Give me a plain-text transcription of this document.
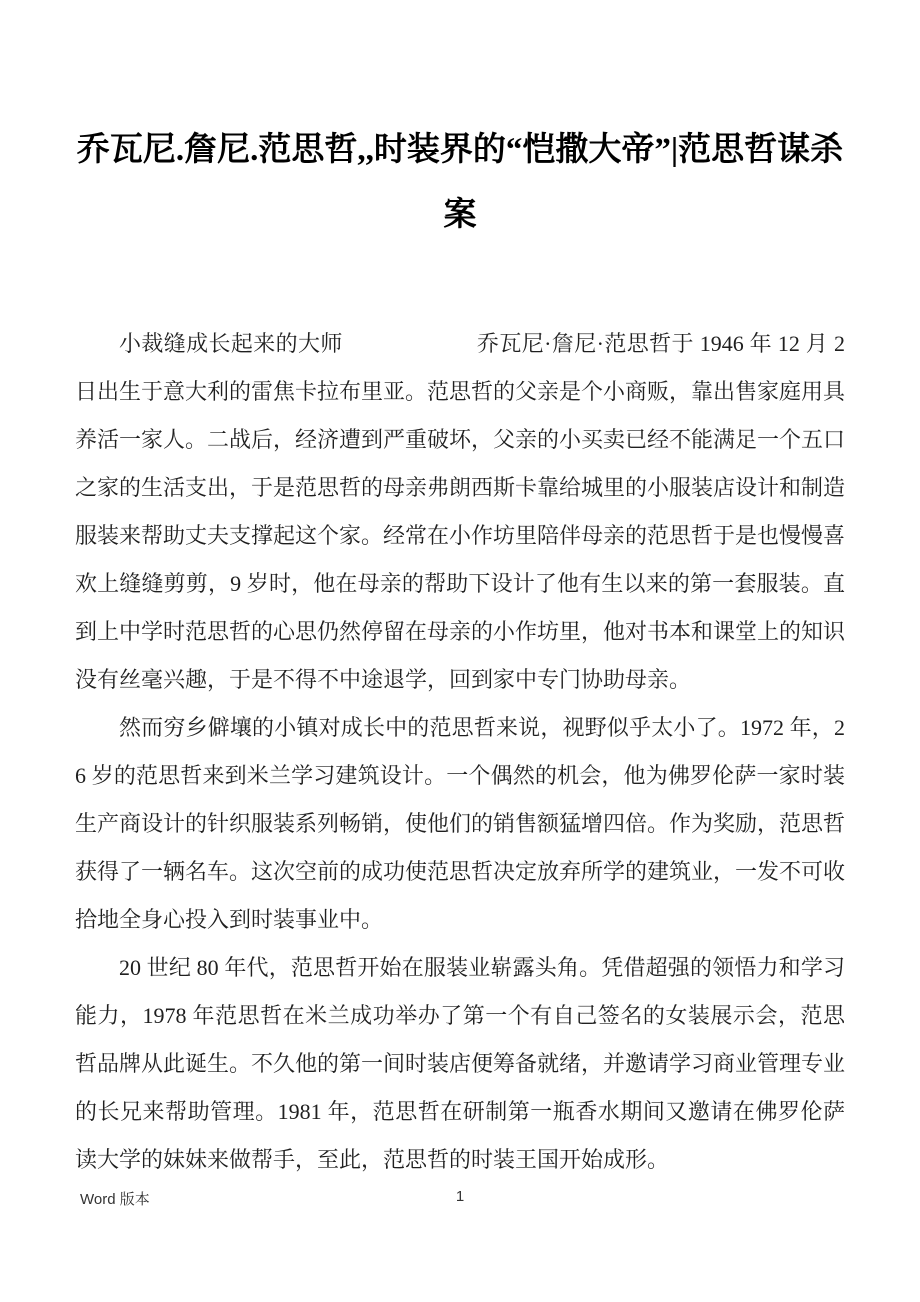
乔瓦尼.詹尼.范思哲,,时装界的“恺撒大帝”|范思哲谋杀案

小裁缝成长起来的大师　　　　　　乔瓦尼·詹尼·范思哲于 1946 年 12 月 2 日出生于意大利的雷焦卡拉布里亚。范思哲的父亲是个小商贩，靠出售家庭用具养活一家人。二战后，经济遭到严重破坏，父亲的小买卖已经不能满足一个五口之家的生活支出，于是范思哲的母亲弗朗西斯卡靠给城里的小服装店设计和制造服装来帮助丈夫支撑起这个家。经常在小作坊里陪伴母亲的范思哲于是也慢慢喜欢上缝缝剪剪，9 岁时，他在母亲的帮助下设计了他有生以来的第一套服装。直到上中学时范思哲的心思仍然停留在母亲的小作坊里，他对书本和课堂上的知识没有丝毫兴趣，于是不得不中途退学，回到家中专门协助母亲。

然而穷乡僻壤的小镇对成长中的范思哲来说，视野似乎太小了。1972 年，26 岁的范思哲来到米兰学习建筑设计。一个偶然的机会，他为佛罗伦萨一家时装生产商设计的针织服装系列畅销，使他们的销售额猛增四倍。作为奖励，范思哲获得了一辆名车。这次空前的成功使范思哲决定放弃所学的建筑业，一发不可收拾地全身心投入到时装事业中。

20 世纪 80 年代，范思哲开始在服装业崭露头角。凭借超强的领悟力和学习能力，1978 年范思哲在米兰成功举办了第一个有自己签名的女装展示会，范思哲品牌从此诞生。不久他的第一间时装店便筹备就绪，并邀请学习商业管理专业的长兄来帮助管理。1981 年，范思哲在研制第一瓶香水期间又邀请在佛罗伦萨读大学的妹妹来做帮手，至此，范思哲的时装王国开始成形。

Word 版本	1
